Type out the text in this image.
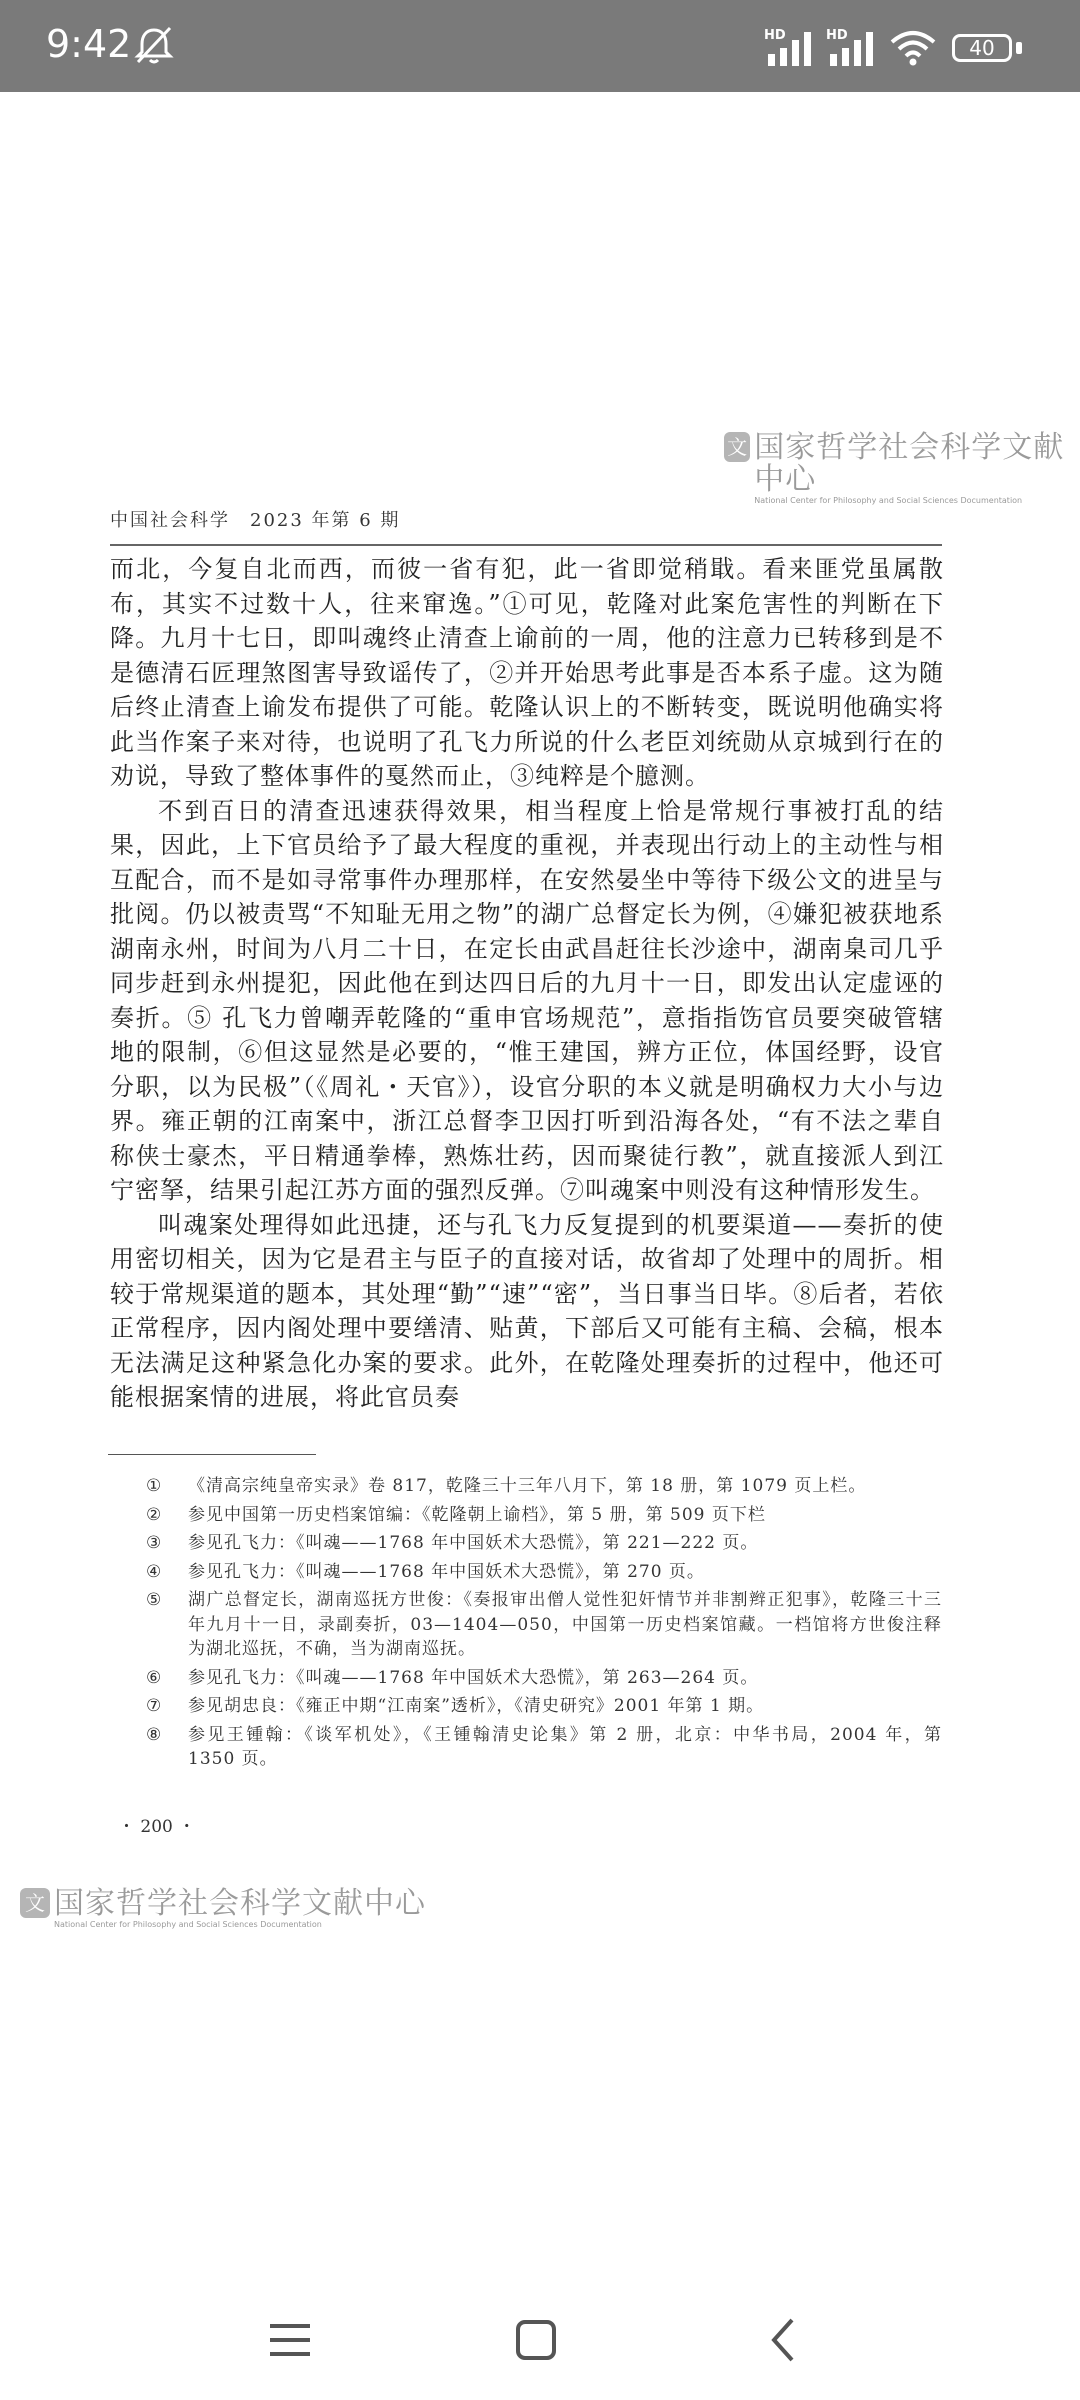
9:42	HD	HD
40
文 国家哲学社会科学文献中心
National Center for Philosophy and Social Sciences Documentation
中国社会科学　2023 年第 6 期

而北，今复自北而西，而彼一省有犯，此一省即觉稍戢。看来匪党虽属散布，其实不过数十人，往来窜逸。”①可见，乾隆对此案危害性的判断在下降。九月十七日，即叫魂终止清查上谕前的一周，他的注意力已转移到是不是德清石匠理煞图害导致谣传了，②并开始思考此事是否本系子虚。这为随后终止清查上谕发布提供了可能。乾隆认识上的不断转变，既说明他确实将此当作案子来对待，也说明了孔飞力所说的什么老臣刘统勋从京城到行在的劝说，导致了整体事件的戛然而止，③纯粹是个臆测。

不到百日的清查迅速获得效果，相当程度上恰是常规行事被打乱的结果，因此，上下官员给予了最大程度的重视，并表现出行动上的主动性与相互配合，而不是如寻常事件办理那样，在安然晏坐中等待下级公文的进呈与批阅。仍以被责骂“不知耻无用之物”的湖广总督定长为例，④嫌犯被获地系湖南永州，时间为八月二十日，在定长由武昌赶往长沙途中，湖南臬司几乎同步赶到永州提犯，因此他在到达四日后的九月十一日，即发出认定虚诬的奏折。⑤ 孔飞力曾嘲弄乾隆的“重申官场规范”，意指指饬官员要突破管辖地的限制，⑥但这显然是必要的，“惟王建国，辨方正位，体国经野，设官分职，以为民极”（《周礼・天官》），设官分职的本义就是明确权力大小与边界。雍正朝的江南案中，浙江总督李卫因打听到沿海各处，“有不法之辈自称侠士豪杰，平日精通拳棒，熟炼壮药，因而聚徒行教”，就直接派人到江宁密拏，结果引起江苏方面的强烈反弹。⑦叫魂案中则没有这种情形发生。

叫魂案处理得如此迅捷，还与孔飞力反复提到的机要渠道——奏折的使用密切相关，因为它是君主与臣子的直接对话，故省却了处理中的周折。相较于常规渠道的题本，其处理“勤”“速”“密”，当日事当日毕。⑧后者，若依正常程序，因内阁处理中要缮清、贴黄，下部后又可能有主稿、会稿，根本无法满足这种紧急化办案的要求。此外，在乾隆处理奏折的过程中，他还可能根据案情的进展，将此官员奏

①	《清高宗纯皇帝实录》卷 817，乾隆三十三年八月下，第 18 册，第 1079 页上栏。
②	参见中国第一历史档案馆编：《乾隆朝上谕档》，第 5 册，第 509 页下栏
③	参见孔飞力：《叫魂——1768 年中国妖术大恐慌》，第 221—222 页。
④	参见孔飞力：《叫魂——1768 年中国妖术大恐慌》，第 270 页。
⑤	湖广总督定长，湖南巡抚方世俊：《奏报审出僧人觉性犯奸情节并非割辫正犯事》，乾隆三十三年九月十一日，录副奏折，03—1404—050，中国第一历史档案馆藏。一档馆将方世俊注释为湖北巡抚，不确，当为湖南巡抚。
⑥	参见孔飞力：《叫魂——1768 年中国妖术大恐慌》，第 263—264 页。
⑦	参见胡忠良：《雍正中期“江南案”透析》，《清史研究》2001 年第 1 期。
⑧	参见王锺翰：《谈军机处》，《王锺翰清史论集》第 2 册，北京：中华书局，2004 年，第 1350 页。
・ 200 ・
文 国家哲学社会科学文献中心
National Center for Philosophy and Social Sciences Documentation
